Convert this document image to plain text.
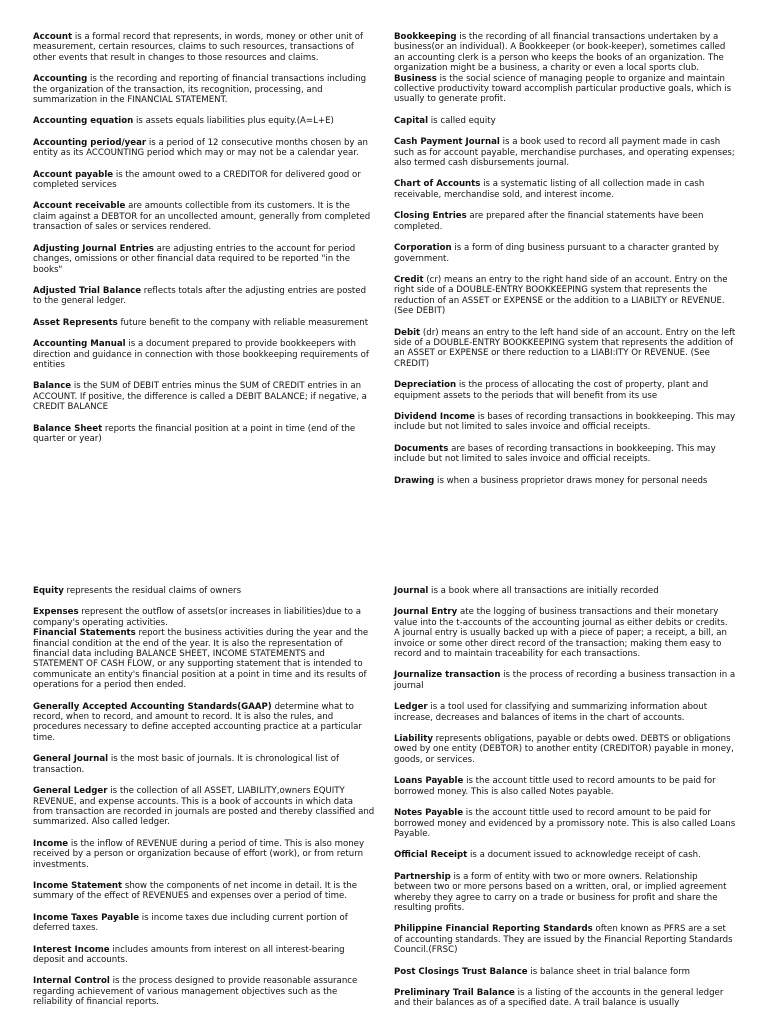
Account is a formal record that represents, in words, money or other unit of measurement, certain resources, claims to such resources, transactions of other events that result in changes to those resources and claims.
Accounting is the recording and reporting of financial transactions including the organization of the transaction, its recognition, processing, and summarization in the FINANCIAL STATEMENT.
Accounting equation is assets equals liabilities plus equity.(A=L+E)
Accounting period/year is a period of 12 consecutive months chosen by an entity as its ACCOUNTING period which may or may not be a calendar year.
Account payable is the amount owed to a CREDITOR for delivered good or completed services
Account receivable are amounts collectible from its customers. It is the claim against a DEBTOR for an uncollected amount, generally from completed transaction of sales or services rendered.
Adjusting Journal Entries are adjusting entries to the account for period changes, omissions or other financial data required to be reported "in the books"
Adjusted Trial Balance reflects totals after the adjusting entries are posted to the general ledger.
Asset Represents future benefit to the company with reliable measurement
Accounting Manual is a document prepared to provide bookkeepers with direction and guidance in connection with those bookkeeping requirements of entities
Balance is the SUM of DEBIT entries minus the SUM of CREDIT entries in an ACCOUNT. If positive, the difference is called a DEBIT BALANCE; if negative, a CREDIT BALANCE
Balance Sheet reports the financial position at a point in time (end of the quarter or year)
Bookkeeping is the recording of all financial transactions undertaken by a business(or an individual). A Bookkeeper (or book-keeper), sometimes called an accounting clerk is a person who keeps the books of an organization. The organization might be a business, a charity or even a local sports club.
Business is the social science of managing people to organize and maintain collective productivity toward accomplish particular productive goals, which is usually to generate profit.
Capital is called equity
Cash Payment Journal is a book used to record all payment made in cash such as for account payable, merchandise purchases, and operating expenses; also termed cash disbursements journal.
Chart of Accounts is a systematic listing of all collection made in cash receivable, merchandise sold, and interest income.
Closing Entries are prepared after the financial statements have been completed.
Corporation is a form of ding business pursuant to a character granted by government.
Credit (cr) means an entry to the right hand side of an account. Entry on the right side of a DOUBLE-ENTRY BOOKKEEPING system that represents the reduction of an ASSET or EXPENSE or the addition to a LIABILTY or REVENUE. (See DEBIT)
Debit (dr) means an entry to the left hand side of an account. Entry on the left side of a DOUBLE-ENTRY BOOKKEEPING system that represents the addition of an ASSET or EXPENSE or there reduction to a LIABI:ITY Or REVENUE. (See CREDIT)
Depreciation is the process of allocating the cost of property, plant and equipment assets to the periods that will benefit from its use
Dividend Income is bases of recording transactions in bookkeeping. This may include but not limited to sales invoice and official receipts.
Documents are bases of recording transactions in bookkeeping. This may include but not limited to sales invoice and official receipts.
Drawing is when a business proprietor draws money for personal needs
Equity represents the residual claims of owners
Expenses represent the outflow of assets(or increases in liabilities)due to a company's operating activities.
Financial Statements report the business activities during the year and the financial condition at the end of the year. It is also the representation of financial data including BALANCE SHEET, INCOME STATEMENTS and STATEMENT OF CASH FLOW, or any supporting statement that is intended to communicate an entity's financial position at a point in time and its results of operations for a period then ended.
Generally Accepted Accounting Standards(GAAP) determine what to record, when to record, and amount to record. It is also the rules, and procedures necessary to define accepted accounting practice at a particular time.
General Journal is the most basic of journals. It is chronological list of transaction.
General Ledger is the collection of all ASSET, LIABILITY,owners EQUITY REVENUE, and expense accounts. This is a book of accounts in which data from transaction are recorded in journals are posted and thereby classified and summarized. Also called ledger.
Income is the inflow of REVENUE during a period of time. This is also money received by a person or organization because of effort (work), or from return investments.
Income Statement show the components of net income in detail. It is the summary of the effect of REVENUES and expenses over a period of time.
Income Taxes Payable is income taxes due including current portion of deferred taxes.
Interest Income includes amounts from interest on all interest-bearing deposit and accounts.
Internal Control is the process designed to provide reasonable assurance regarding achievement of various management objectives such as the reliability of financial reports.
Journal is a book where all transactions are initially recorded
Journal Entry ate the logging of business transactions and their monetary value into the t-accounts of the accounting journal as either debits or credits. A journal entry is usually backed up with a piece of paper; a receipt, a bill, an invoice or some other direct record of the transaction; making them easy to record and to maintain traceability for each transactions.
Journalize transaction is the process of recording a business transaction in a journal
Ledger is a tool used for classifying and summarizing information about increase, decreases and balances of items in the chart of accounts.
Liability represents obligations, payable or debts owed. DEBTS or obligations owed by one entity (DEBTOR) to another entity (CREDITOR) payable in money, goods, or services.
Loans Payable is the account tittle used to record amounts to be paid for borrowed money. This is also called Notes payable.
Notes Payable is the account tittle used to record amount to be paid for borrowed money and evidenced by a promissory note. This is also called Loans Payable.
Official Receipt is a document issued to acknowledge receipt of cash.
Partnership is a form of entity with two or more owners. Relationship between two or more persons based on a written, oral, or implied agreement whereby they agree to carry on a trade or business for profit and share the resulting profits.
Philippine Financial Reporting Standards often known as PFRS are a set of accounting standards. They are issued by the Financial Reporting Standards Council.(FRSC)
Post Closings Trust Balance is balance sheet in trial balance form
Preliminary Trail Balance is a listing of the accounts in the general ledger and their balances as of a specified date. A trail balance is usually
